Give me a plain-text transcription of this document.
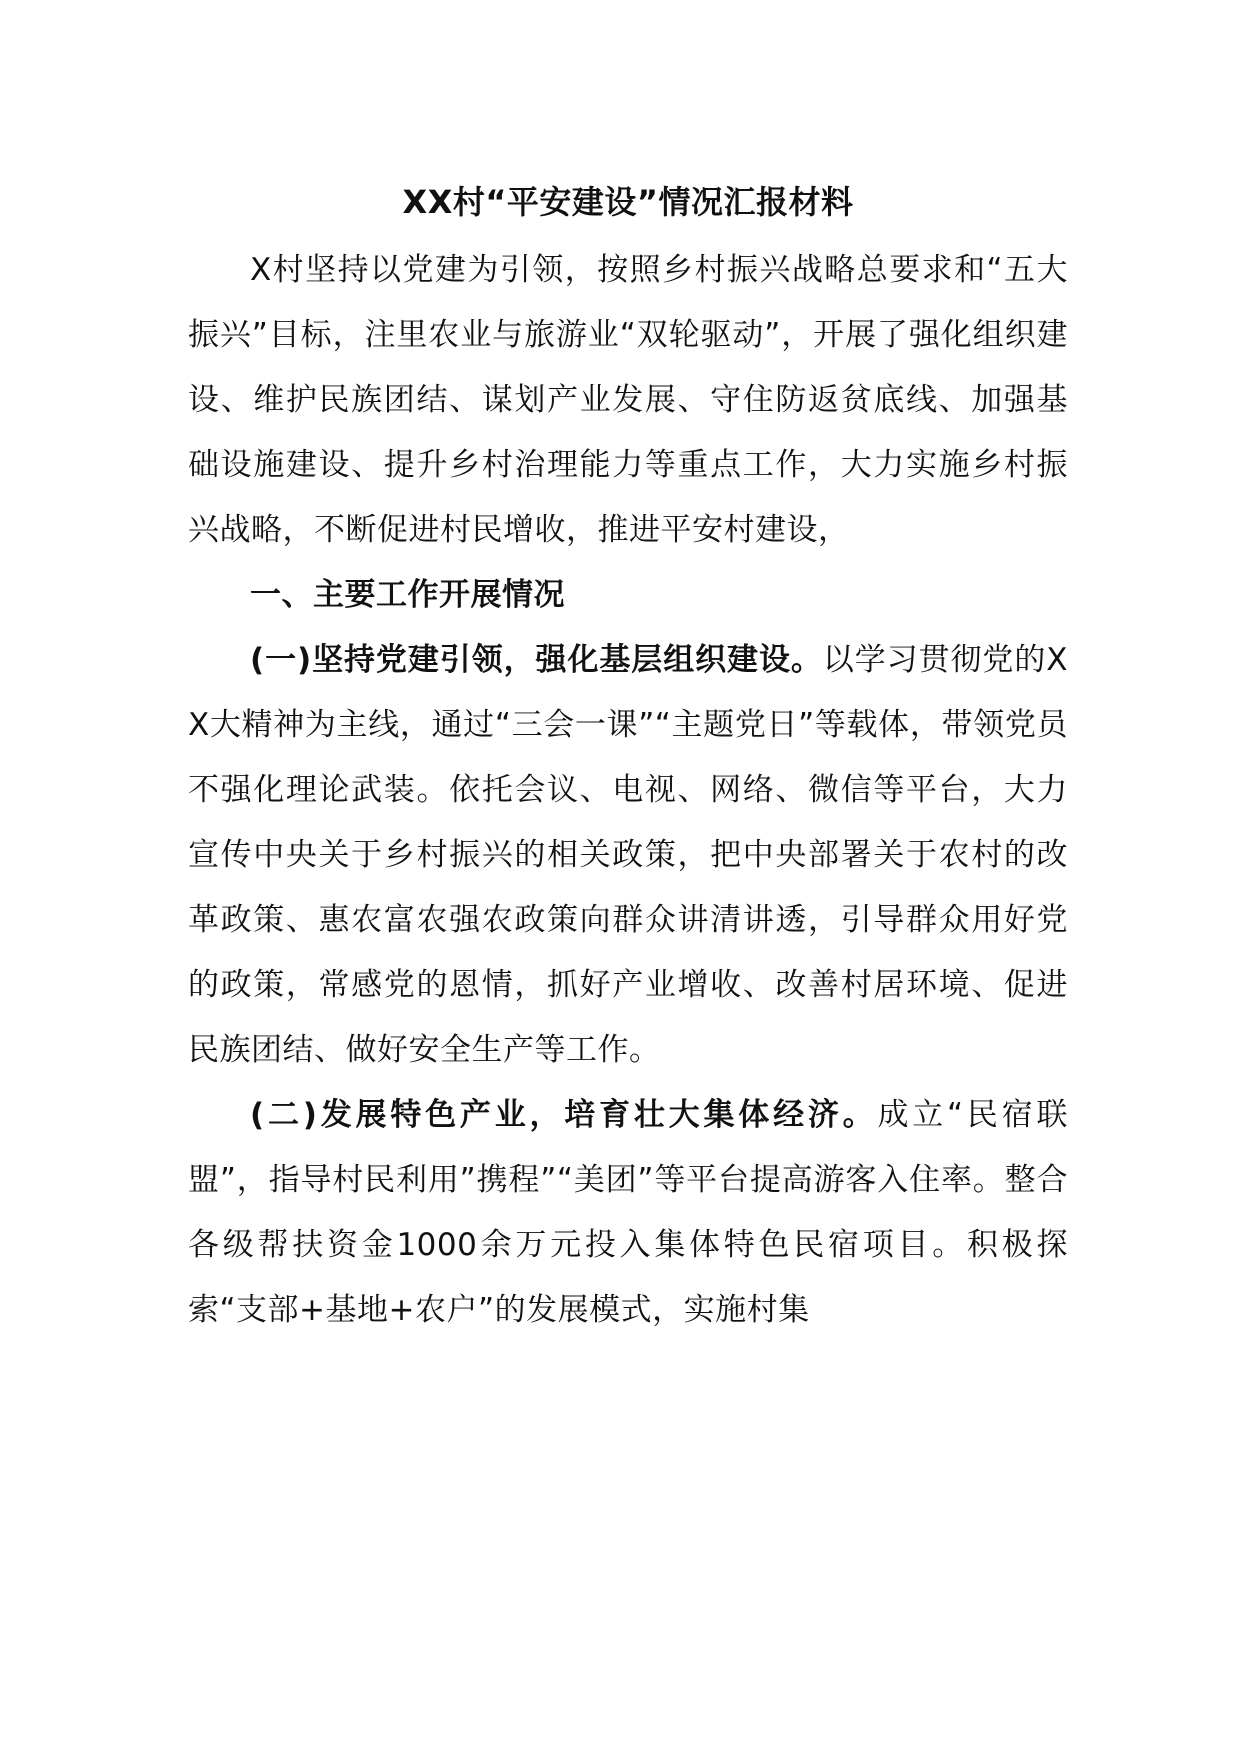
XX村“平安建设”情况汇报材料

X村坚持以党建为引领，按照乡村振兴战略总要求和“五大振兴”目标，注里农业与旅游业“双轮驱动”，开展了强化组织建设、维护民族团结、谋划产业发展、守住防返贫底线、加强基础设施建设、提升乡村治理能力等重点工作，大力实施乡村振兴战略，不断促进村民增收，推进平安村建设，

一、主要工作开展情况

(一)坚持党建引领，强化基层组织建设。以学习贯彻党的XX大精神为主线，通过“三会一课”“主题党日”等载体，带领党员不强化理论武装。依托会议、电视、网络、微信等平台，大力宣传中央关于乡村振兴的相关政策，把中央部署关于农村的改革政策、惠农富农强农政策向群众讲清讲透，引导群众用好党的政策，常感党的恩情，抓好产业增收、改善村居环境、促进民族团结、做好安全生产等工作。

(二)发展特色产业，培育壮大集体经济。成立“民宿联盟”，指导村民利用”携程”“美团”等平台提高游客入住率。整合各级帮扶资金1000余万元投入集体特色民宿项目。积极探索“支部+基地+农户”的发展模式，实施村集
